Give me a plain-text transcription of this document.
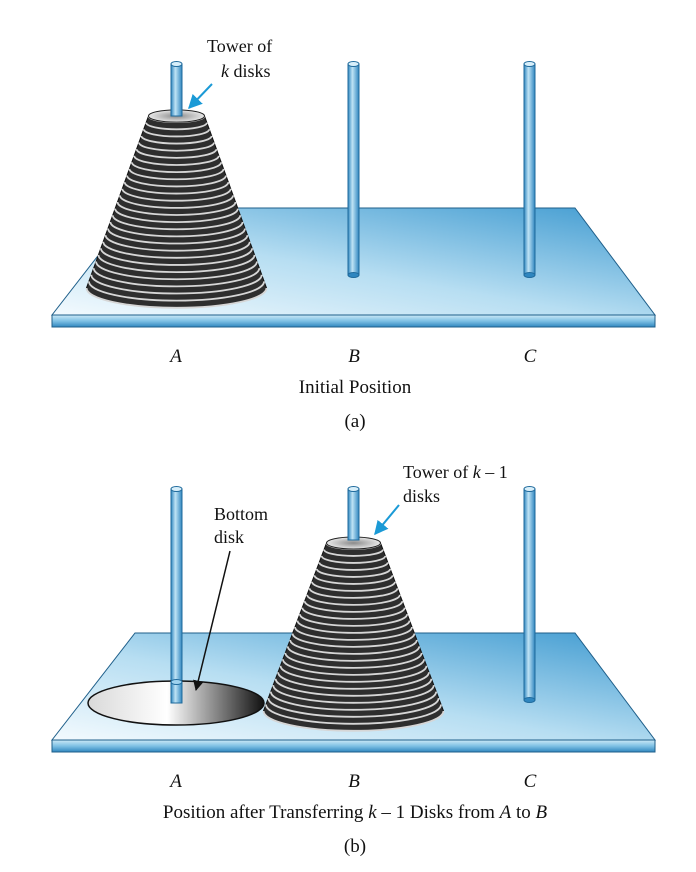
Tower of
k disks
A	B	C
Initial Position
(a)
Tower of k – 1
disks
Bottom
disk
A	B	C
Position after Transferring k – 1 Disks from A to B
(b)
